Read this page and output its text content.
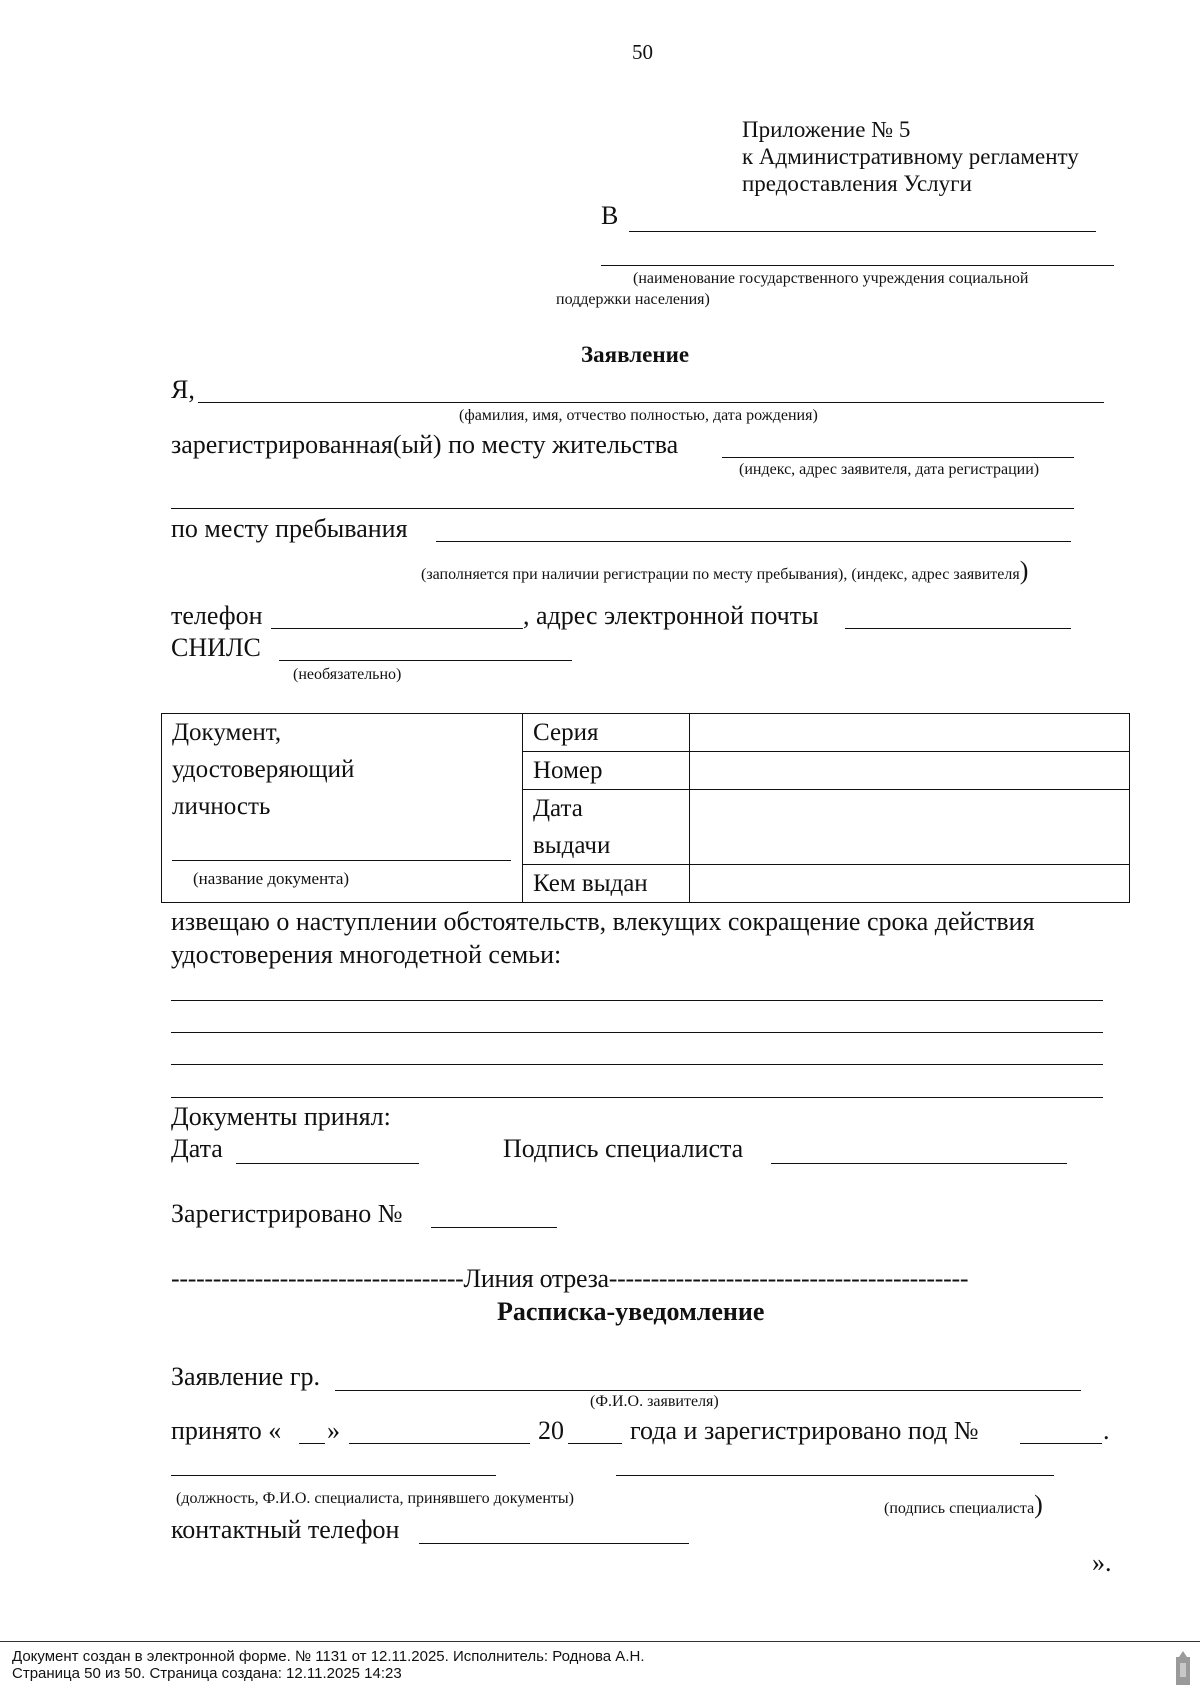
50
Приложение № 5
к Административному регламенту
предоставления Услуги
В
(наименование государственного учреждения социальной
поддержки населения)
Заявление
Я,
(фамилия, имя, отчество полностью, дата рождения)
зарегистрированная(ый) по месту жительства
(индекс, адрес заявителя, дата регистрации)
по месту пребывания
(заполняется при наличии регистрации по месту пребывания), (индекс, адрес заявителя)
телефон	, адрес электронной почты
СНИЛС
(необязательно)
Документ,
удостоверяющий
личность
(название документа)	Серия	
	Номер	

	Дата
выдачи	

	Кем выдан	
извещаю о наступлении обстоятельств, влекущих сокращение срока действия
удостоверения многодетной семьи:
Документы принял:
Дата	Подпись специалиста
Зарегистрировано №
-----------------------------------Линия отреза-------------------------------------------
Расписка-уведомление
Заявление гр.
(Ф.И.О. заявителя)
принято « »	20	года и зарегистрировано под №	.
(должность, Ф.И.О. специалиста, принявшего документы)
(подпись специалиста)
контактный телефон
».
Документ создан в электронной форме. № 1131 от 12.11.2025. Исполнитель: Роднова А.Н.
Страница 50 из 50. Страница создана: 12.11.2025 14:23
